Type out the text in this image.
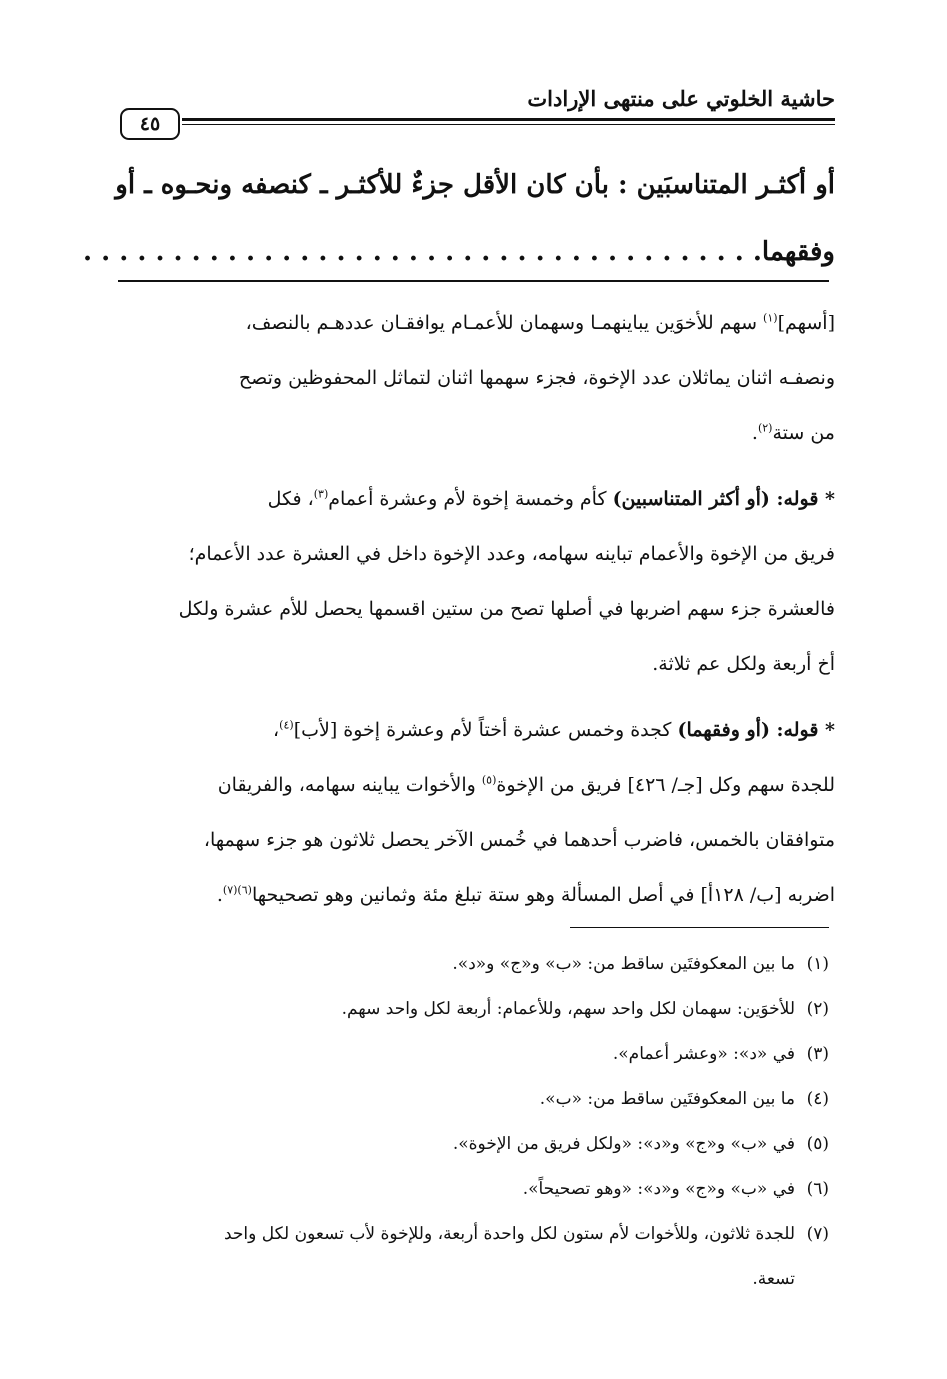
حاشية الخلوتي على منتهى الإرادات
٤٥
أو أكثـر المتناسبَين : بأن كان الأقل جزءٌ للأكثـر ـ كنصفه ونحـوه ـ أو
وفقهما. . . . . . . . . . . . . . . . . . . . . . . . . . . . . . . . . . . . . .
[أسهم]$^{(١)}$ سهم للأخوَين يباينهمـا وسهمان للأعمـام يوافقـان عددهـم بالنصف،
ونصفـه اثنان يماثلان عدد الإخوة، فجزء سهمها اثنان لتماثل المحفوظين وتصح
من ستة$^{(٢)}$.
* قوله: (أو أكثر المتناسبين) كأم وخمسة إخوة لأم وعشرة أعمام$^{(٣)}$، فكل
فريق من الإخوة والأعمام تباينه سهامه، وعدد الإخوة داخل في العشرة عدد الأعمام؛
فالعشرة جزء سهم اضربها في أصلها تصح من ستين اقسمها يحصل للأم عشرة ولكل
أخ أربعة ولكل عم ثلاثة.
* قوله: (أو وفقهما) كجدة وخمس عشرة أختاً لأم وعشرة إخوة [لأب]$^{(٤)}$،
للجدة سهم وكل [جـ/ ٤٢٦] فريق من الإخوة$^{(٥)}$ والأخوات يباينه سهامه، والفريقان
متوافقان بالخمس، فاضرب أحدهما في خُمس الآخر يحصل ثلاثون هو جزء سهمها،
اضربه [ب/ ١٢٨أ] في أصل المسألة وهو ستة تبلغ مئة وثمانين وهو تصحيحها$^{(٦)(٧)}$.
(١)
ما بين المعكوفتَين ساقط من: «ب» و«ج» و«د».
(٢)
للأخوَين: سهمان لكل واحد سهم، وللأعمام: أربعة لكل واحد سهم.
(٣)
في «د»: «وعشر أعمام».
(٤)
ما بين المعكوفتَين ساقط من: «ب».
(٥)
في «ب» و«ج» و«د»: «ولكل فريق من الإخوة».
(٦)
في «ب» و«ج» و«د»: «وهو تصحيحاً».
(٧)
للجدة ثلاثون، وللأخوات لأم ستون لكل واحدة أربعة، وللإخوة لأب تسعون لكل واحد
تسعة.
